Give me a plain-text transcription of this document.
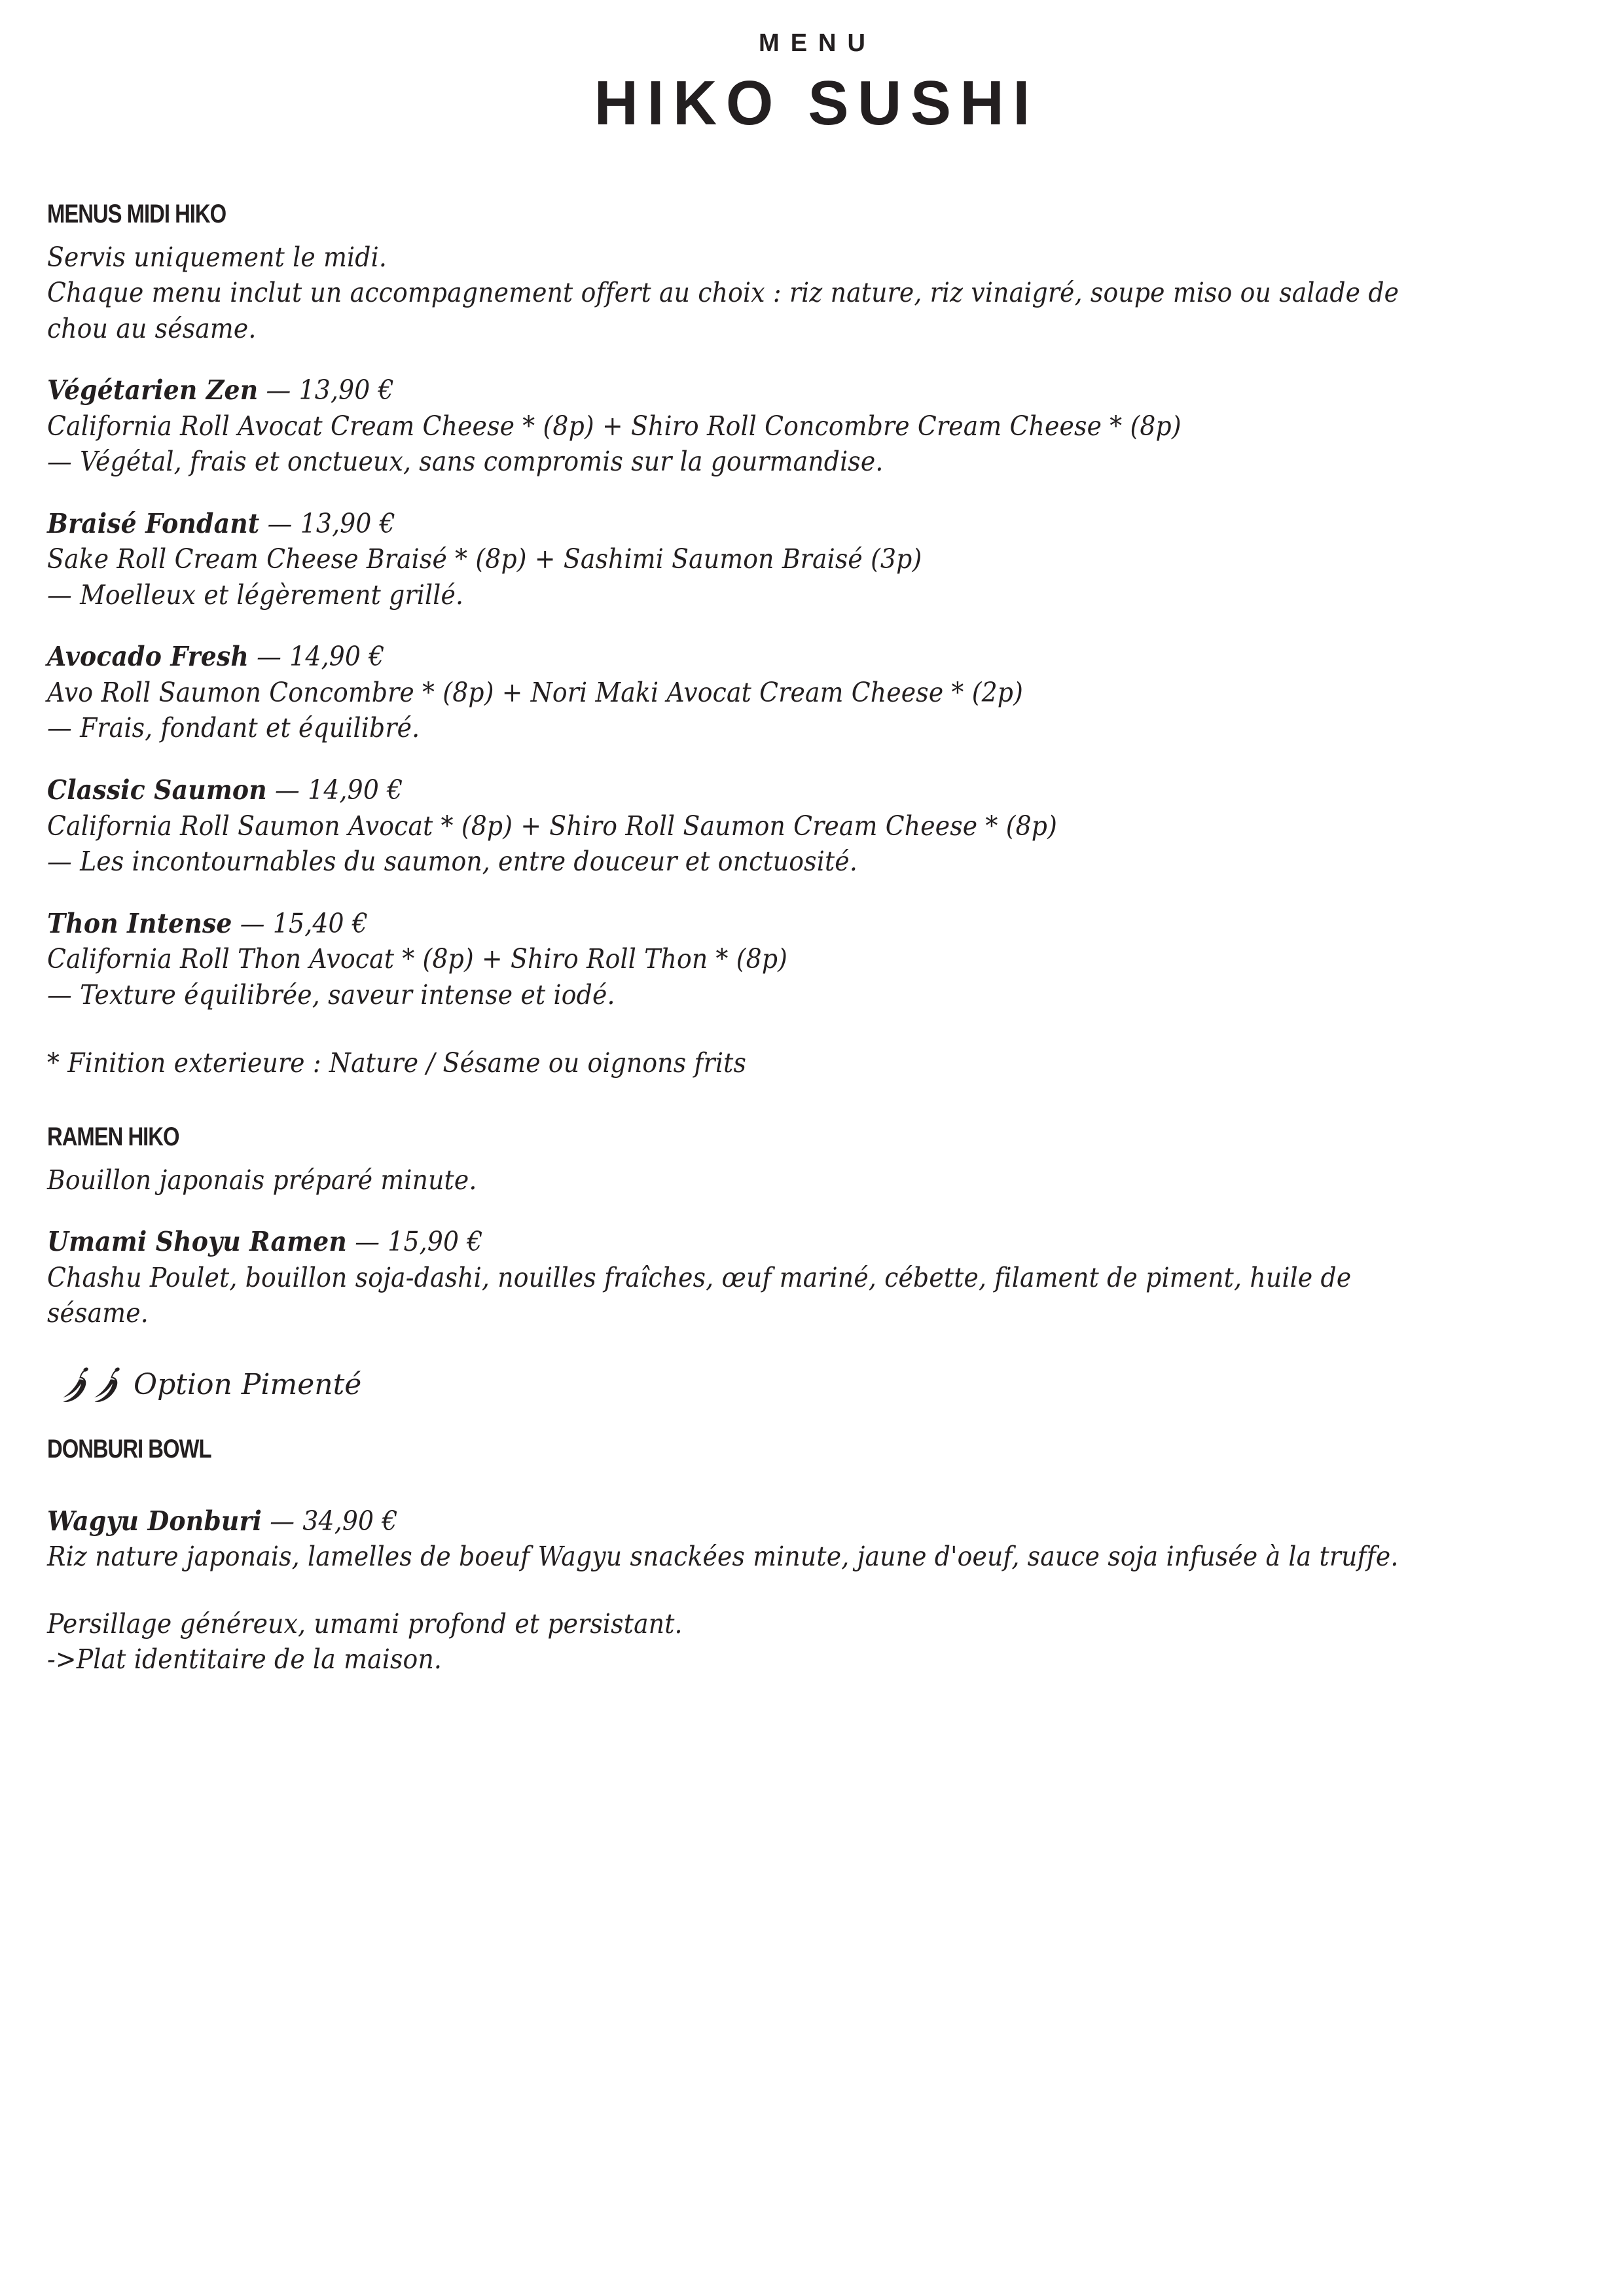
MENU
HIKO SUSHI
MENUS MIDI HIKO

Servis uniquement le midi.

Chaque menu inclut un accompagnement offert au choix : riz nature, riz vinaigré, soupe miso ou salade de chou au sésame.

Végétarien Zen — 13,90 €

California Roll Avocat Cream Cheese * (8p) + Shiro Roll Concombre Cream Cheese * (8p)

— Végétal, frais et onctueux, sans compromis sur la gourmandise.

Braisé Fondant — 13,90 €

Sake Roll Cream Cheese Braisé * (8p) + Sashimi Saumon Braisé (3p)

— Moelleux et légèrement grillé.

Avocado Fresh — 14,90 €

Avo Roll Saumon Concombre * (8p) + Nori Maki Avocat Cream Cheese * (2p)

— Frais, fondant et équilibré.

Classic Saumon — 14,90 €

California Roll Saumon Avocat * (8p) + Shiro Roll Saumon Cream Cheese * (8p)

— Les incontournables du saumon, entre douceur et onctuosité.

Thon Intense — 15,40 €

California Roll Thon Avocat * (8p) + Shiro Roll Thon * (8p)

— Texture équilibrée, saveur intense et iodé.

* Finition exterieure : Nature / Sésame ou oignons frits
RAMEN HIKO
Bouillon japonais préparé minute.

Umami Shoyu Ramen — 15,90 €

Chashu Poulet, bouillon soja-dashi, nouilles fraîches, œuf mariné, cébette, filament de piment, huile de sésame.

Option Pimenté
DONBURI BOWL

Wagyu Donburi — 34,90 €

Riz nature japonais, lamelles de boeuf Wagyu snackées minute, jaune d'oeuf, sauce soja infusée à la truffe.

Persillage généreux, umami profond et persistant.

->Plat identitaire de la maison.
